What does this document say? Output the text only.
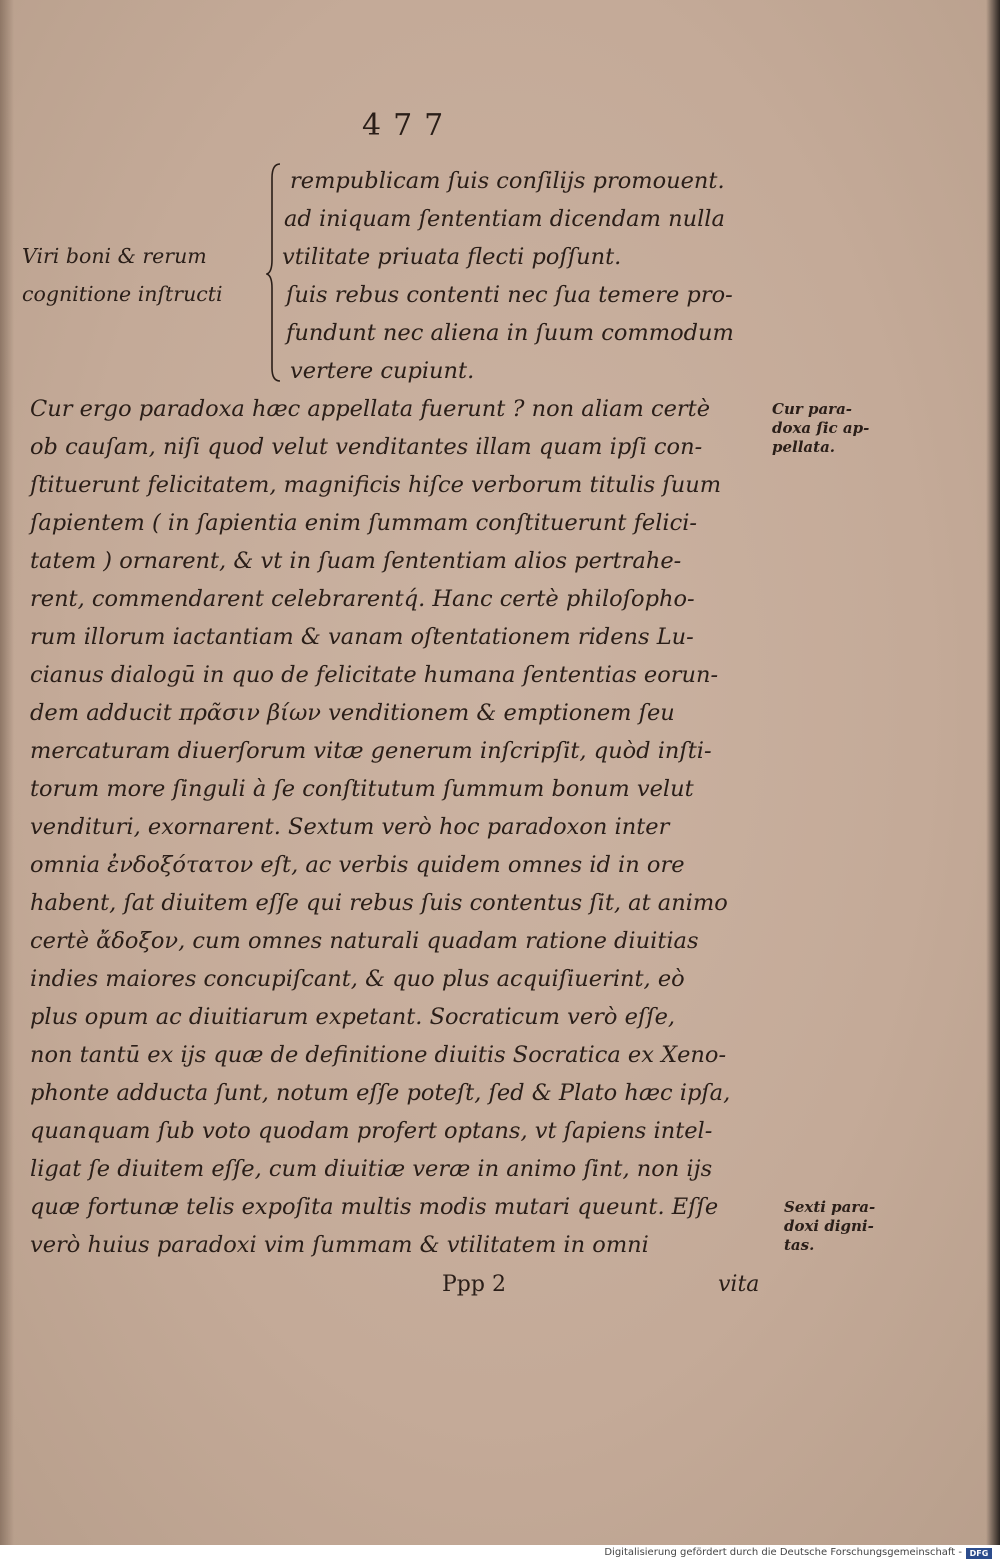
477
rempublicam ſuis conſilijs promouent.
ad iniquam ſententiam dicendam nulla
vtilitate priuata flecti poſſunt.
ſuis rebus contenti nec ſua temere pro-
fundunt nec aliena in ſuum commodum
vertere cupiunt.
Viri boni & rerum
cognitione inſtructi
Cur ergo paradoxa hæc appellata fuerunt ? non aliam certè
ob cauſam, niſi quod velut venditantes illam quam ipſi con-
ſtituerunt felicitatem, magnificis hiſce verborum titulis ſuum
ſapientem ( in ſapientia enim ſummam conſtituerunt felici-
tatem ) ornarent, & vt in ſuam ſententiam alios pertrahe-
rent, commendarent celebrarentq́. Hanc certè philoſopho-
rum illorum iactantiam & vanam oſtentationem ridens Lu-
cianus dialogū in quo de felicitate humana ſententias eorun-
dem adducit πρᾶσιν βίων venditionem & emptionem ſeu
mercaturam diuerſorum vitæ generum inſcripſit, quòd inſti-
torum more ſinguli à ſe conſtitutum ſummum bonum velut
vendituri, exornarent. Sextum verò hoc paradoxon inter
omnia ἐνδοξότατον eſt, ac verbis quidem omnes id in ore
habent, ſat diuitem eſſe qui rebus ſuis contentus ſit, at animo
certè ἄδοξον, cum omnes naturali quadam ratione diuitias
indies maiores concupiſcant, & quo plus acquiſiuerint, eò
plus opum ac diuitiarum expetant. Socraticum verò eſſe,
non tantū ex ijs quæ de definitione diuitis Socratica ex Xeno-
phonte adducta ſunt, notum eſſe poteſt, ſed & Plato hæc ipſa,
quanquam ſub voto quodam profert optans, vt ſapiens intel-
ligat ſe diuitem eſſe, cum diuitiæ veræ in animo ſint, non ijs
quæ fortunæ telis expoſita multis modis mutari queunt. Eſſe
verò huius paradoxi vim ſummam & vtilitatem in omni
Cur para-
doxa ſic ap-
pellata.
Sexti para-
doxi digni-
tas.
Ppp 2	vita
Digitalisierung gefördert durch die Deutsche Forschungsgemeinschaft - DFG
